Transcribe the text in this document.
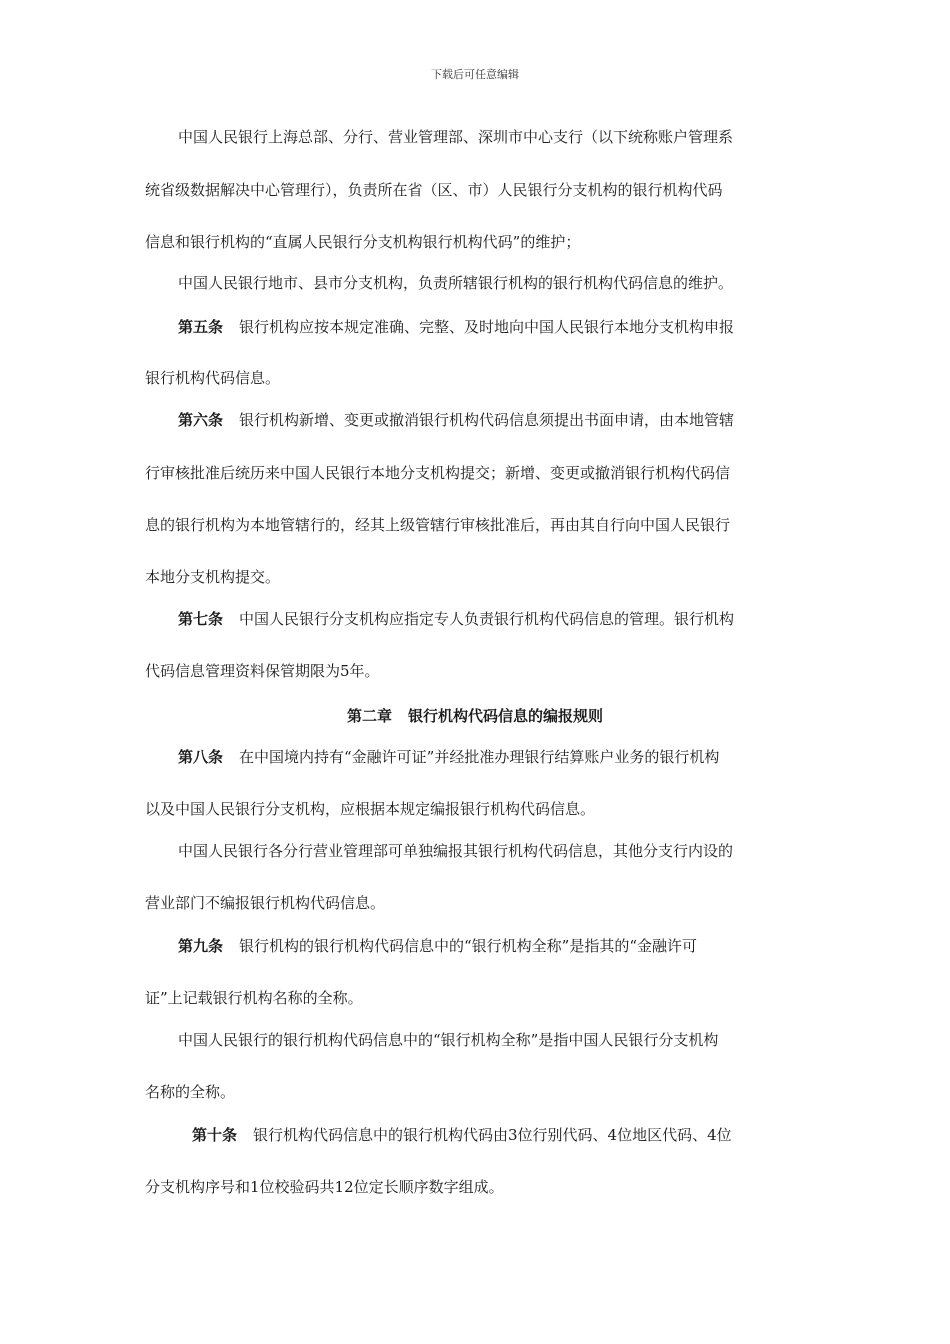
下载后可任意编辑
中国人民银行上海总部、分行、营业管理部、深圳市中心支行（以下统称账户管理系
统省级数据解决中心管理行），负责所在省（区、市）人民银行分支机构的银行机构代码
信息和银行机构的“直属人民银行分支机构银行机构代码”的维护；
中国人民银行地市、县市分支机构，负责所辖银行机构的银行机构代码信息的维护。
第五条 银行机构应按本规定准确、完整、及时地向中国人民银行本地分支机构申报
银行机构代码信息。
第六条 银行机构新增、变更或撤消银行机构代码信息须提出书面申请，由本地管辖
行审核批准后统历来中国人民银行本地分支机构提交；新增、变更或撤消银行机构代码信
息的银行机构为本地管辖行的，经其上级管辖行审核批准后，再由其自行向中国人民银行
本地分支机构提交。
第七条 中国人民银行分支机构应指定专人负责银行机构代码信息的管理。银行机构
代码信息管理资料保管期限为5年。
第二章 银行机构代码信息的编报规则
第八条 在中国境内持有“金融许可证”并经批准办理银行结算账户业务的银行机构
以及中国人民银行分支机构，应根据本规定编报银行机构代码信息。
中国人民银行各分行营业管理部可单独编报其银行机构代码信息，其他分支行内设的
营业部门不编报银行机构代码信息。
第九条 银行机构的银行机构代码信息中的“银行机构全称”是指其的“金融许可
证”上记载银行机构名称的全称。
中国人民银行的银行机构代码信息中的“银行机构全称”是指中国人民银行分支机构
名称的全称。
第十条 银行机构代码信息中的银行机构代码由3位行别代码、4位地区代码、4位
分支机构序号和1位校验码共12位定长顺序数字组成。
